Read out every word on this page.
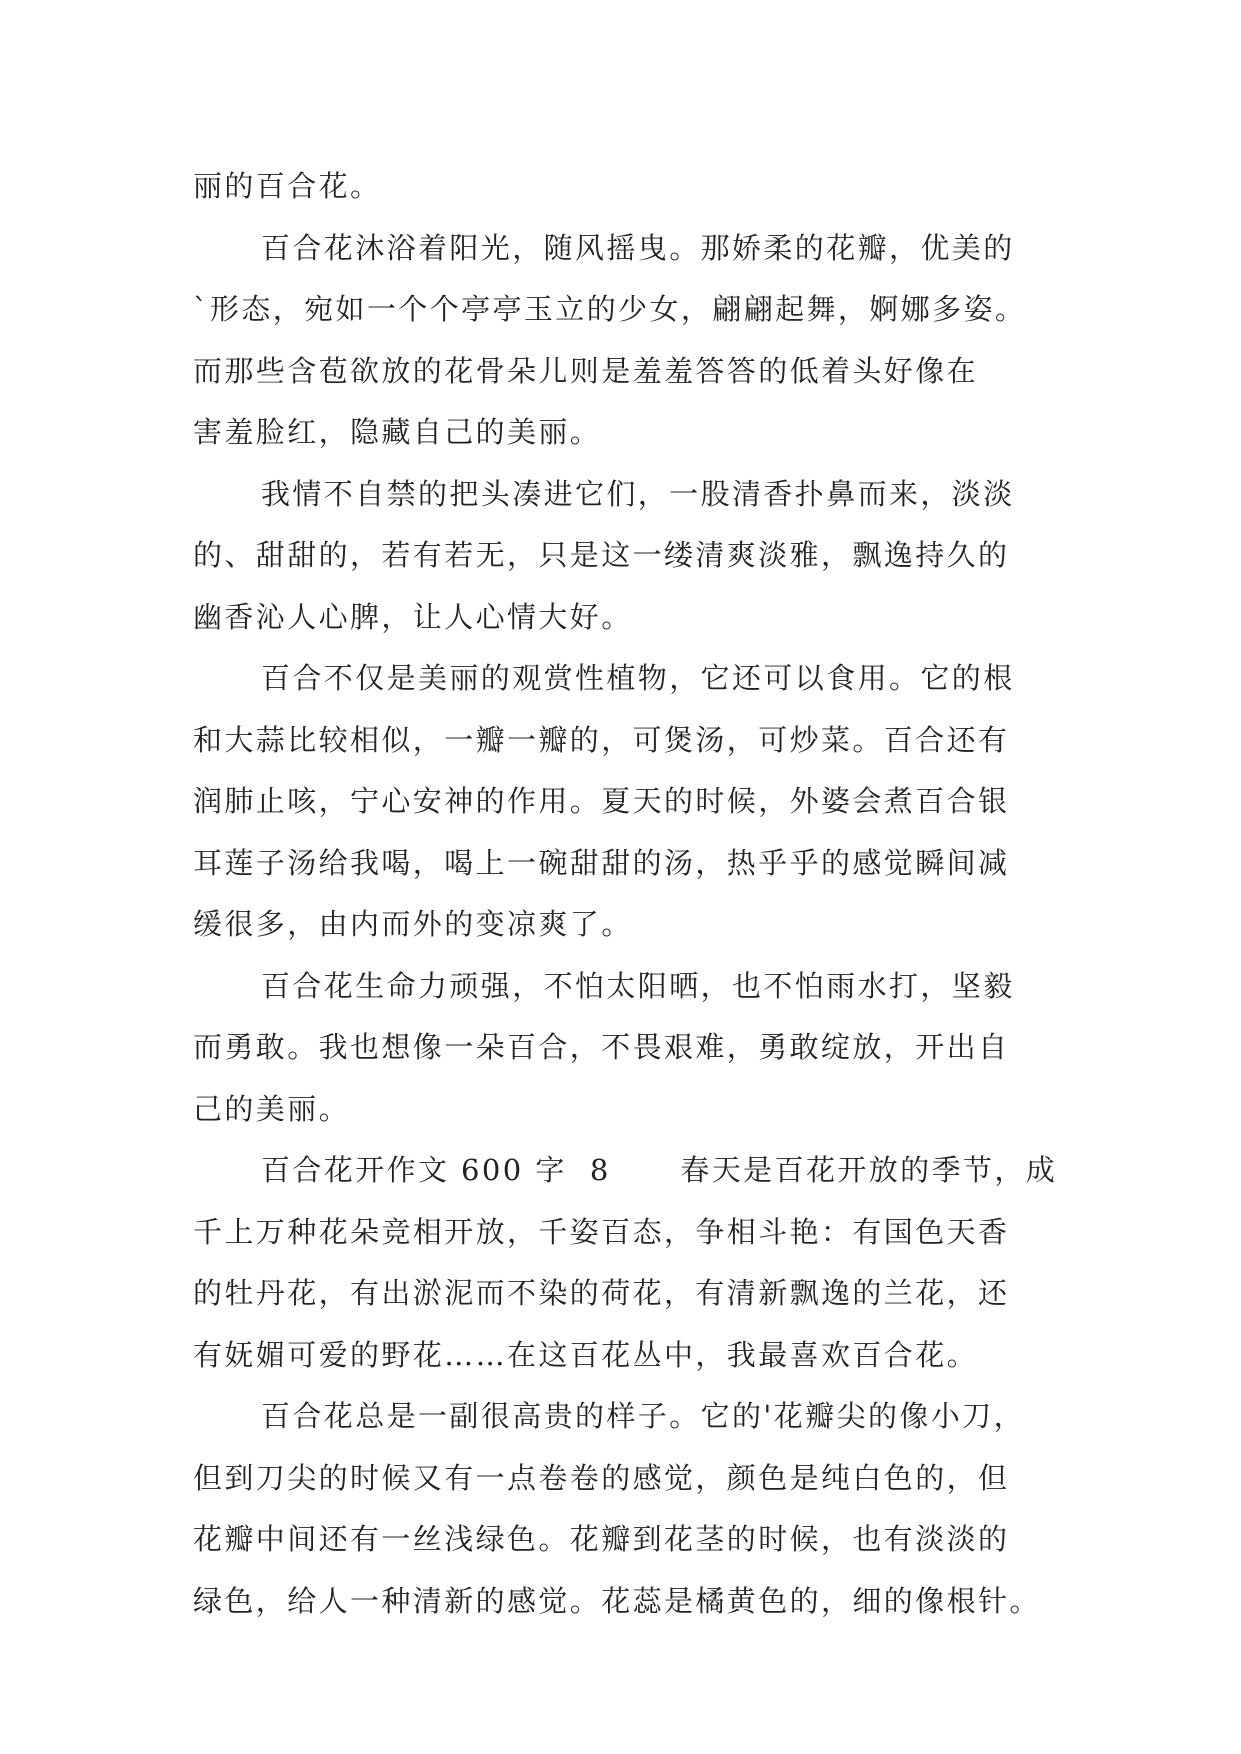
丽的百合花。
百合花沐浴着阳光，随风摇曳。那娇柔的花瓣，优美的
`形态，宛如一个个亭亭玉立的少女，翩翩起舞，婀娜多姿。
而那些含苞欲放的花骨朵儿则是羞羞答答的低着头好像在
害羞脸红，隐藏自己的美丽。
我情不自禁的把头凑进它们，一股清香扑鼻而来，淡淡
的、甜甜的，若有若无，只是这一缕清爽淡雅，飘逸持久的
幽香沁人心脾，让人心情大好。
百合不仅是美丽的观赏性植物，它还可以食用。它的根
和大蒜比较相似，一瓣一瓣的，可煲汤，可炒菜。百合还有
润肺止咳，宁心安神的作用。夏天的时候，外婆会煮百合银
耳莲子汤给我喝，喝上一碗甜甜的汤，热乎乎的感觉瞬间减
缓很多，由内而外的变凉爽了。
百合花生命力顽强，不怕太阳晒，也不怕雨水打，坚毅
而勇敢。我也想像一朵百合，不畏艰难，勇敢绽放，开出自
己的美丽。
百合花开作文 600 字  8      春天是百花开放的季节，成
千上万种花朵竞相开放，千姿百态，争相斗艳：有国色天香
的牡丹花，有出淤泥而不染的荷花，有清新飘逸的兰花，还
有妩媚可爱的野花……在这百花丛中，我最喜欢百合花。
百合花总是一副很高贵的样子。它的'花瓣尖的像小刀，
但到刀尖的时候又有一点卷卷的感觉，颜色是纯白色的，但
花瓣中间还有一丝浅绿色。花瓣到花茎的时候，也有淡淡的
绿色，给人一种清新的感觉。花蕊是橘黄色的，细的像根针。
